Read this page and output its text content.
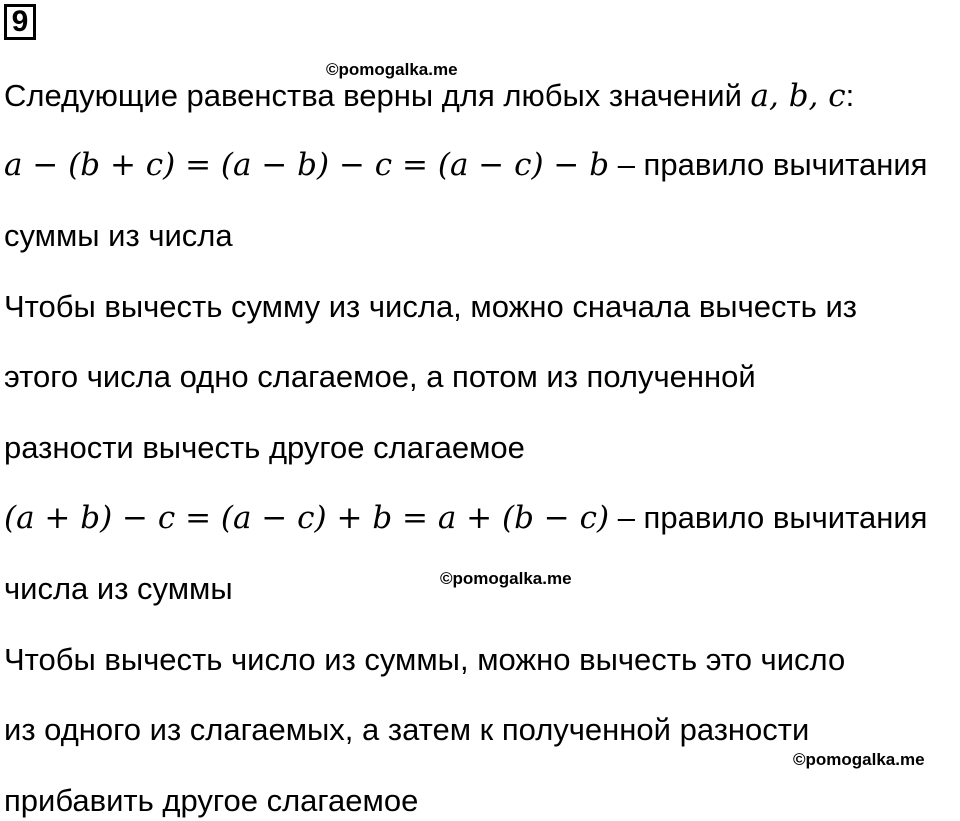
9
©pomogalka.me
©pomogalka.me
©pomogalka.me
Следующие равенства верны для любых значений a, b, c:
a − (b + c) = (a − b) − c = (a − c) − b – правило вычитания
суммы из числа
Чтобы вычесть сумму из числа, можно сначала вычесть из
этого числа одно слагаемое, а потом из полученной
разности вычесть другое слагаемое
(a + b) − c = (a − c) + b = a + (b − c) – правило вычитания
числа из суммы
Чтобы вычесть число из суммы, можно вычесть это число
из одного из слагаемых, а затем к полученной разности
прибавить другое слагаемое
